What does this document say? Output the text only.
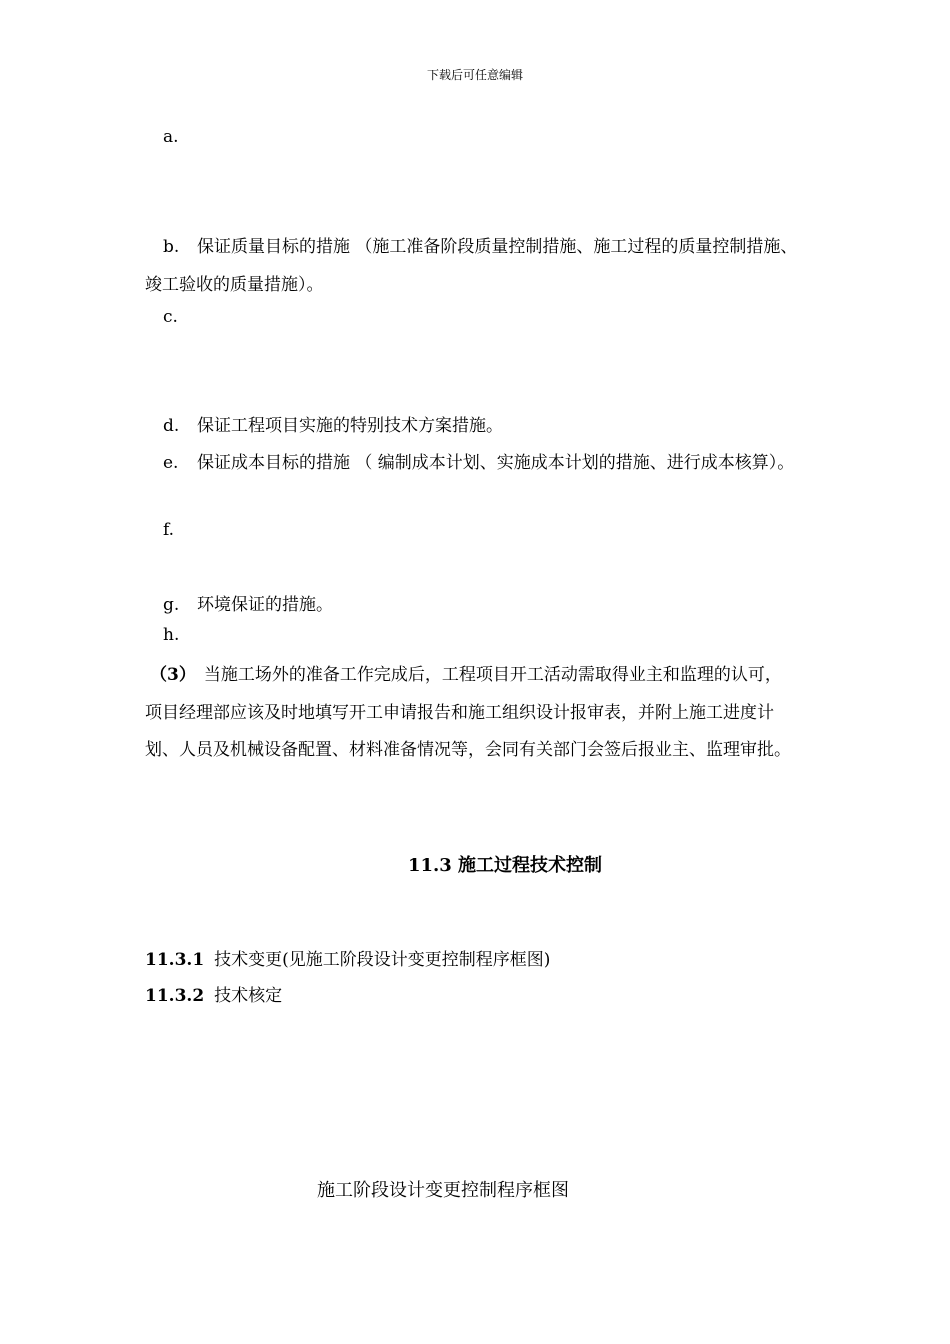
下载后可任意编辑
a.
b. 保证质量目标的措施 （施工准备阶段质量控制措施、施工过程的质量控制措施、
竣工验收的质量措施）。
c.
d. 保证工程项目实施的特别技术方案措施。
e. 保证成本目标的措施 （ 编制成本计划、实施成本计划的措施、进行成本核算）。
f.
g. 环境保证的措施。
h.
（3） 当施工场外的准备工作完成后，工程项目开工活动需取得业主和监理的认可，
项目经理部应该及时地填写开工申请报告和施工组织设计报审表，并附上施工进度计
划、人员及机械设备配置、材料准备情况等，会同有关部门会签后报业主、监理审批。
11.3 施工过程技术控制
11.3.1 技术变更(见施工阶段设计变更控制程序框图)
11.3.2 技术核定
施工阶段设计变更控制程序框图
